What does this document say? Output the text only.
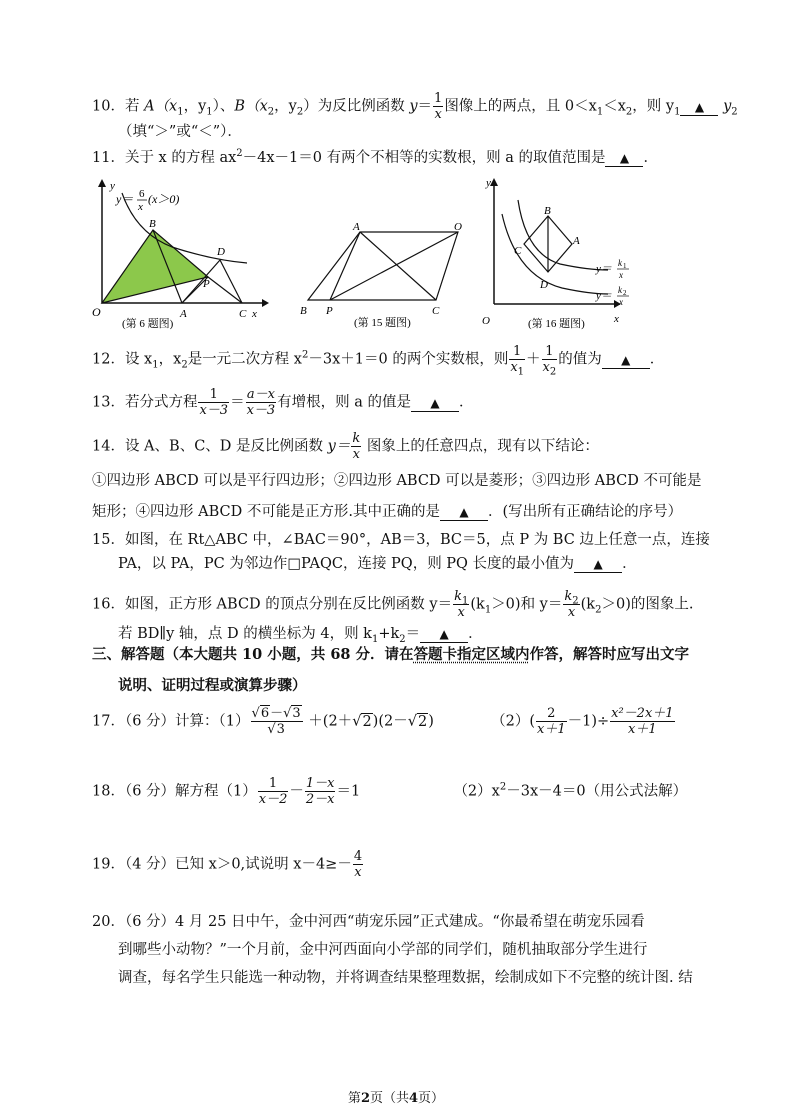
10．若 $A(x_1$，$y_1$）、$B(x_2$，$y_2$）为反比例函数 $y= \frac{1}{x}$ 图像上的两点，且 $0<x_1<x_2$，则 $y_1$ ▲ $y_2$
（填“＞”或“＜”）．
11．关于 x 的方程 $ax^2-4x-1=0$ 有两个不相等的实数根，则 a 的取值范围是 ▲ ．
y
y＝ 6
x
(x＞0)
O	A
B
C
D
P
x
(第 6 题图)
A	O
B P	C
(第 15 题图)
y
B
C
A
D
O	x
y＝ k 1
x
y＝ k 2
x
(第 16 题图)
12．设 $x_1$，$x_2$是一元二次方程 $x^2-3x+1=0$ 的两个实数根，则 $\frac{1}{x_1} + \frac{1}{x_2}$ 的值为 ▲ ．
13．若分式方程 $\frac{1}{x-3} = \frac{a-x}{x-3}$ 有增根，则 a 的值是 ▲ ．
14．设 A、B、C、D 是反比例函数 $y= \frac{k}{x}$ 图象上的任意四点，现有以下结论：
①四边形 ABCD 可以是平行四边形；②四边形 ABCD 可以是菱形；③四边形 ABCD 不可能是
矩形；④四边形 ABCD 不可能是正方形.其中正确的是 ▲ ．(写出所有正确结论的序号）
15．如图，在 Rt△ABC 中，∠BAC＝90°，AB＝3，BC＝5，点 P 为 BC 边上任意一点，连接
PA，以 PA，PC 为邻边作□PAQC，连接 PQ，则 PQ 长度的最小值为 ▲ ．
16．如图，正方形 ABCD 的顶点分别在反比例函数 $y= \frac{k_1}{x} (k_1>0)$和 $y= \frac{k_2}{x} (k_2>0)$的图象上.
若 BD∥y 轴，点 D 的横坐标为 4，则 $k_1+k_2=$ ▲ ．
三、解答题（本大题共 10 小题，共 68 分．请在答题卡指定区域内作答，解答时应写出文字
说明、证明过程或演算步骤）
17．（6 分）计算：$(1) \frac{√6-√3}{√3} +(2+√2)(2-√2)$	$(2)( \frac{2}{x+1} -1)\div \frac{\text{x²－2x＋1}}{x+1}$
18．（6 分）解方程$(1) \frac{1}{x-2} - \frac{1-x}{2-x} =1$	$(2)x^2-3x-4=0$（用公式法解）
19．（4 分）已知 x＞0,试说明 $x-4\ge- \frac{4}{x}$
20．（6 分）4 月 25 日中午，金中河西“萌宠乐园”正式建成。“你最希望在萌宠乐园看
到哪些小动物？”一个月前，金中河西面向小学部的同学们，随机抽取部分学生进行
调查，每名学生只能选一种动物，并将调查结果整理数据，绘制成如下不完整的统计图. 结
第2页（共4页）
